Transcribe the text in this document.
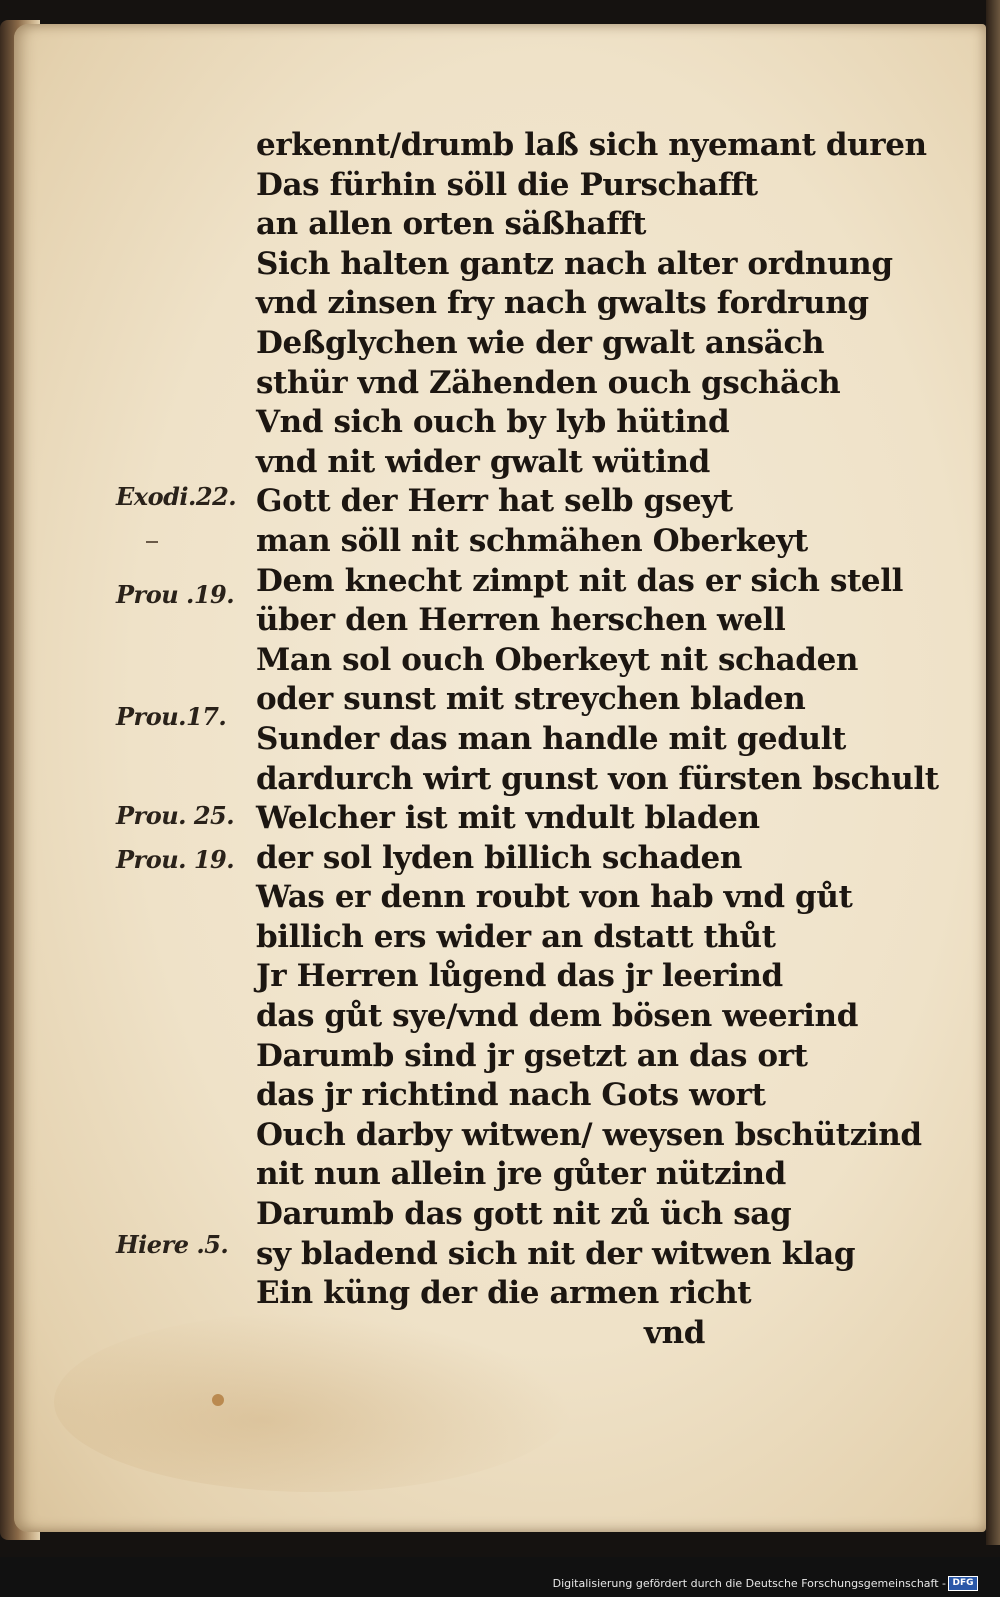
erkennt/drumb laß sich nyemant duren
Das fürhin söll die Purschafft
an allen orten säßhafft
Sich halten gantz nach alter ordnung
vnd zinsen fry nach gwalts fordrung
Deßglychen wie der gwalt ansäch
sthür vnd Zähenden ouch gschäch
Vnd sich ouch by lyb hütind
vnd nit wider gwalt wütind
Gott der Herr hat selb gseyt
man söll nit schmähen Oberkeyt
Dem knecht zimpt nit das er sich stell
über den Herren herschen well
Man sol ouch Oberkeyt nit schaden
oder sunst mit streychen bladen
Sunder das man handle mit gedult
dardurch wirt gunst von fürsten bschult
Welcher ist mit vndult bladen
der sol lyden billich schaden
Was er denn roubt von hab vnd gůt
billich ers wider an dstatt thůt
Jr Herren lůgend das jr leerind
das gůt sye/vnd dem bösen weerind
Darumb sind jr gsetzt an das ort
das jr richtind nach Gots wort
Ouch darby witwen/ weysen bschützind
nit nun allein jre gůter nützind
Darumb das gott nit zů üch sag
sy bladend sich nit der witwen klag
Ein küng der die armen richt
vnd
Exodi.22.
Prou .19.
Prou.17.
Prou. 25.
Prou. 19.
Hiere .5.
Digitalisierung gefördert durch die Deutsche Forschungsgemeinschaft - DFG
